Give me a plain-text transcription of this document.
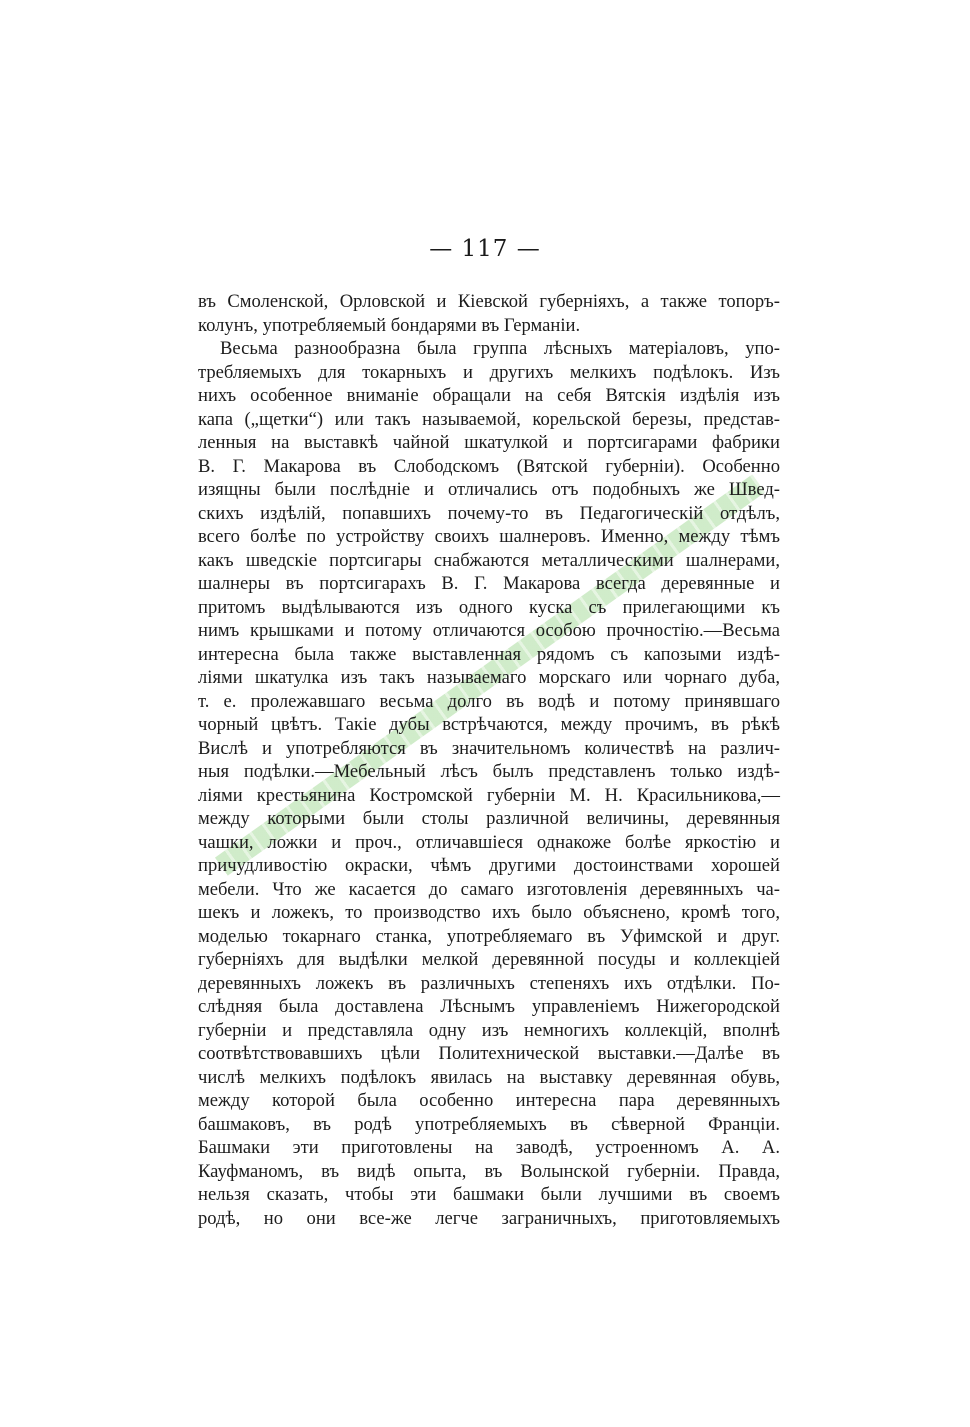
— 117 —
въ Смоленской, Орловской и Кіевской губерніяхъ, а также топоръ-
колунъ, употребляемый бондарями въ Германіи.
Весьма разнообразна была группа лѣсныхъ матеріаловъ, упо-
требляемыхъ для токарныхъ и другихъ мелкихъ подѣлокъ. Изъ
нихъ особенное вниманіе обращали на себя Вятскія издѣлія изъ
капа („щетки“) или такъ называемой, корельской березы, представ-
ленныя на выставкѣ чайной шкатулкой и портсигарами фабрики
В. Г. Макарова въ Слободскомъ (Вятской губерніи). Особенно
изящны были послѣдніе и отличались отъ подобныхъ же Швед-
скихъ издѣлій, попавшихъ почему-то въ Педагогическій отдѣлъ,
всего болѣе по устройству своихъ шалнеровъ. Именно, между тѣмъ
какъ шведскіе портсигары снабжаются металлическими шалнерами,
шалнеры въ портсигарахъ В. Г. Макарова всегда деревянные и
притомъ выдѣлываются изъ одного куска съ прилегающими къ
нимъ крышками и потому отличаются особою прочностію.—Весьма
интересна была также выставленная рядомъ съ капозыми издѣ-
ліями шкатулка изъ такъ называемаго морскаго или чорнаго дуба,
т. е. пролежавшаго весьма долго въ водѣ и потому принявшаго
чорный цвѣтъ. Такіе дубы встрѣчаются, между прочимъ, въ рѣкѣ
Вислѣ и употребляются въ значительномъ количествѣ на различ-
ныя подѣлки.—Мебельный лѣсъ былъ представленъ только издѣ-
ліями крестьянина Костромской губерніи М. Н. Красильникова,—
между которыми были столы различной величины, деревянныя
чашки, ложки и проч., отличавшіеся однакоже болѣе яркостію и
причудливостію окраски, чѣмъ другими достоинствами хорошей
мебели. Что же касается до самаго изготовленія деревянныхъ ча-
шекъ и ложекъ, то производство ихъ было объяснено, кромѣ того,
моделью токарнаго станка, употребляемаго въ Уфимской и друг.
губерніяхъ для выдѣлки мелкой деревянной посуды и коллекціей
деревянныхъ ложекъ въ различныхъ степеняхъ ихъ отдѣлки. По-
слѣдняя была доставлена Лѣснымъ управленіемъ Нижегородской
губерніи и представляла одну изъ немногихъ коллекцій, вполнѣ
соотвѣтствовавшихъ цѣли Политехнической выставки.—Далѣе въ
числѣ мелкихъ подѣлокъ явилась на выставку деревянная обувь,
между которой была особенно интересна пара деревянныхъ
башмаковъ, въ родѣ употребляемыхъ въ сѣверной Франціи.
Башмаки эти приготовлены на заводѣ, устроенномъ А. А.
Кауфманомъ, въ видѣ опыта, въ Волынской губерніи. Правда,
нельзя сказать, чтобы эти башмаки были лучшими въ своемъ
родѣ, но они все-же легче заграничныхъ, приготовляемыхъ
